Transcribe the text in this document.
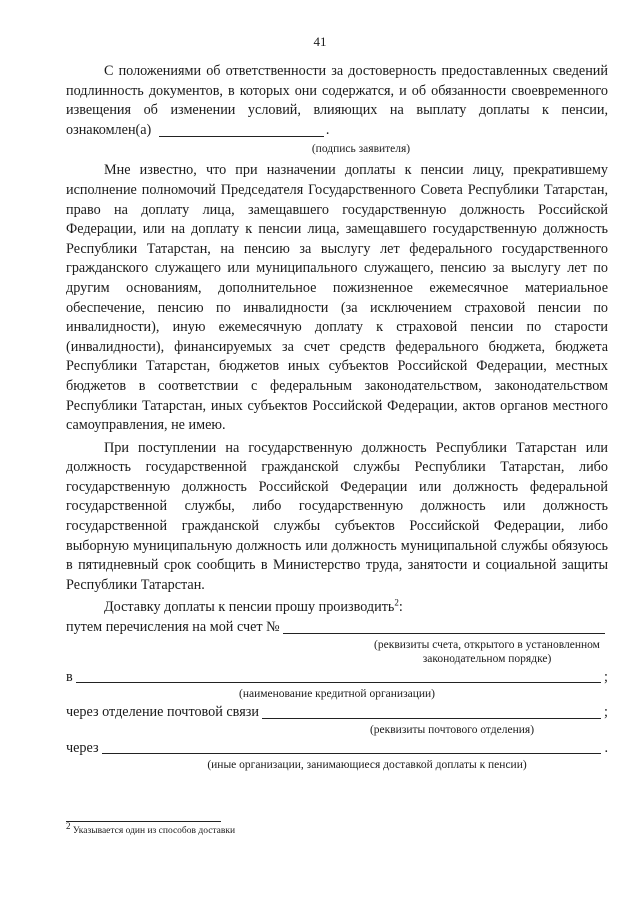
41

С положениями об ответственности за достоверность предоставленных сведений подлинность документов, в которых они содержатся, и об обязанности своевременного извещения об изменении условий, влияющих на выплату доплаты к пенсии, ознакомлен(а)	.

(подпись заявителя)

Мне известно, что при назначении доплаты к пенсии лицу, прекратившему исполнение полномочий Председателя Государственного Совета Республики Татарстан, право на доплату лица, замещавшего государственную должность Российской Федерации, или на доплату к пенсии лица, замещавшего государственную должность Республики Татарстан, на пенсию за выслугу лет федерального государственного гражданского служащего или муниципального служащего, пенсию за выслугу лет по другим основаниям, дополнительное пожизненное ежемесячное материальное обеспечение, пенсию по инвалидности (за исключением страховой пенсии по инвалидности), иную ежемесячную доплату к страховой пенсии по старости (инвалидности), финансируемых за счет средств федерального бюджета, бюджета Республики Татарстан, бюджетов иных субъектов Российской Федерации, местных бюджетов в соответствии с федеральным законодательством, законодательством Республики Татарстан, иных субъектов Российской Федерации, актов органов местного самоуправления, не имею.

При поступлении на государственную должность Республики Татарстан или должность государственной гражданской службы Республики Татарстан, либо государственную должность Российской Федерации или должность федеральной государственной службы, либо государственную должность или должность государственной гражданской службы субъектов Российской Федерации, либо выборную муниципальную должность или должность муниципальной службы обязуюсь в пятидневный срок сообщить в Министерство труда, занятости и социальной защиты Республики Татарстан.

Доставку доплаты к пенсии прошу производить$^2$:

путем перечисления на мой счет №
(реквизиты счета, открытого в установленном
законодательном порядке)
в	;
(наименование кредитной организации)
через отделение почтовой связи	;
(реквизиты почтового отделения)
через	.
(иные организации, занимающиеся доставкой доплаты к пенсии)
$^2$ Указывается один из способов доставки
